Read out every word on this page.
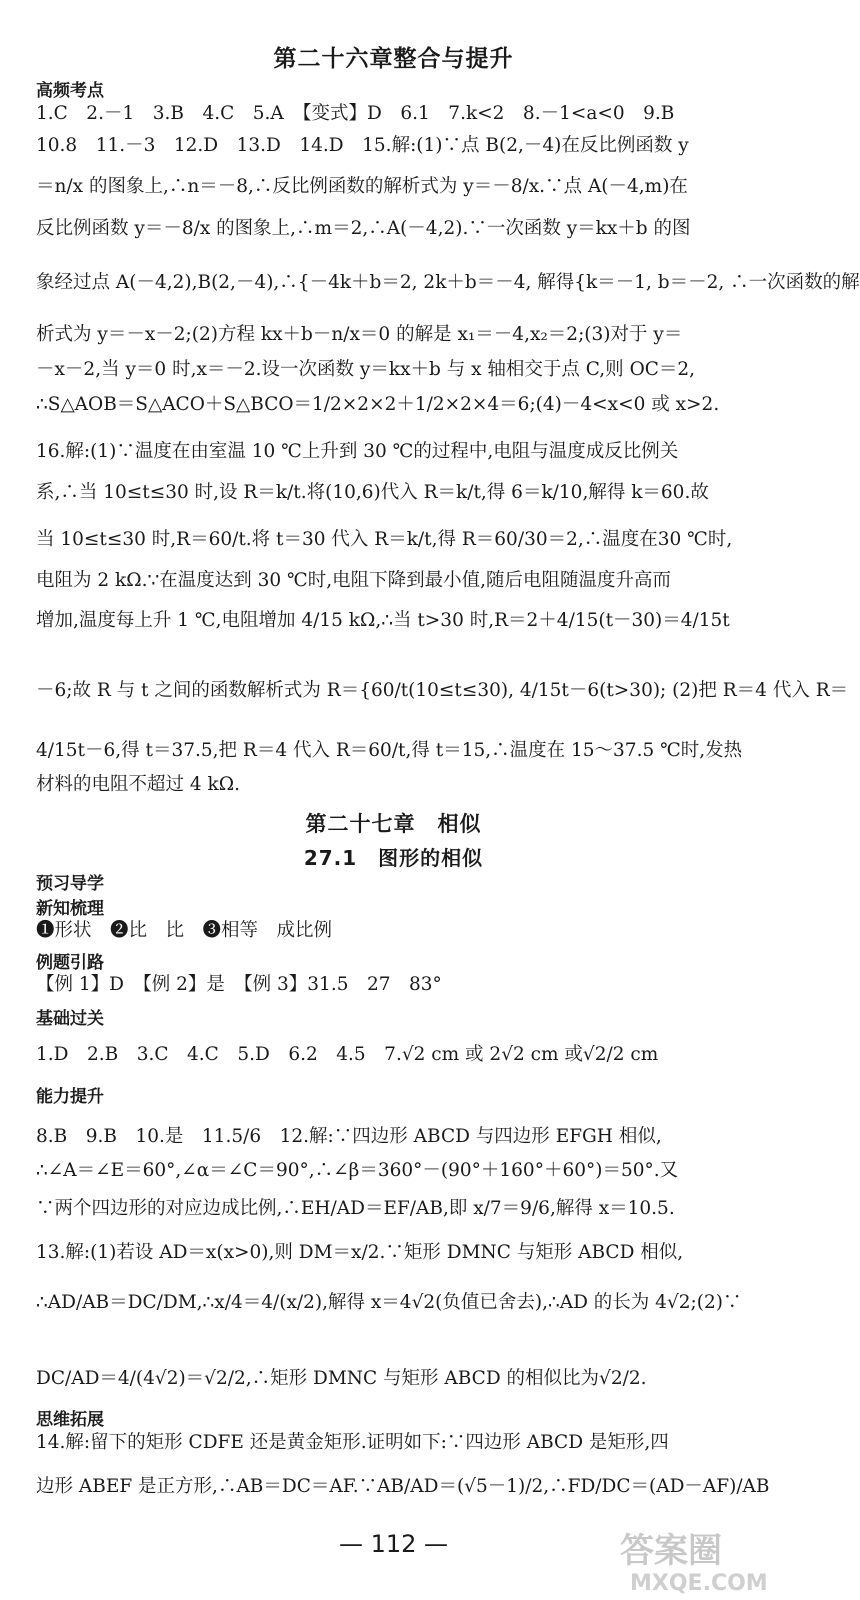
第二十六章整合与提升
高频考点
1.C　2.－1　3.B　4.C　5.A　【变式】D　6.1　7.k<2　8.－1<a<0　9.B
10.8　11.－3　12.D　13.D　14.D　15.解:(1)∵点 B(2,－4)在反比例函数 y
＝n/x 的图象上,∴n＝－8,∴反比例函数的解析式为 y＝－8/x.∵点 A(－4,m)在
反比例函数 y＝－8/x 的图象上,∴m＝2,∴A(－4,2).∵一次函数 y＝kx＋b 的图
象经过点 A(－4,2),B(2,－4),∴{－4k＋b＝2, 2k＋b＝－4, 解得{k＝－1, b＝－2, ∴一次函数的解
析式为 y＝－x－2;(2)方程 kx＋b－n/x＝0 的解是 x₁＝－4,x₂＝2;(3)对于 y＝
－x－2,当 y＝0 时,x＝－2.设一次函数 y＝kx＋b 与 x 轴相交于点 C,则 OC＝2,
∴S△AOB＝S△ACO＋S△BCO＝1/2×2×2＋1/2×2×4＝6;(4)－4<x<0 或 x>2.
16.解:(1)∵温度在由室温 10 ℃上升到 30 ℃的过程中,电阻与温度成反比例关
系,∴当 10≤t≤30 时,设 R＝k/t.将(10,6)代入 R＝k/t,得 6＝k/10,解得 k＝60.故
当 10≤t≤30 时,R＝60/t.将 t＝30 代入 R＝k/t,得 R＝60/30＝2,∴温度在30 ℃时,
电阻为 2 kΩ.∵在温度达到 30 ℃时,电阻下降到最小值,随后电阻随温度升高而
增加,温度每上升 1 ℃,电阻增加 4/15 kΩ,∴当 t>30 时,R＝2＋4/15(t－30)＝4/15t
－6;故 R 与 t 之间的函数解析式为 R＝{60/t(10≤t≤30), 4/15t－6(t>30); (2)把 R＝4 代入 R＝
4/15t－6,得 t＝37.5,把 R＝4 代入 R＝60/t,得 t＝15,∴温度在 15～37.5 ℃时,发热
材料的电阻不超过 4 kΩ.
第二十七章　相似
27.1　图形的相似
预习导学
新知梳理
❶形状　❷比　比　❸相等　成比例
例题引路
【例 1】D　【例 2】是　【例 3】31.5　27　83°
基础过关
1.D　2.B　3.C　4.C　5.D　6.2　4.5　7.√2 cm 或 2√2 cm 或√2/2 cm
能力提升
8.B　9.B　10.是　11.5/6　12.解:∵四边形 ABCD 与四边形 EFGH 相似,
∴∠A＝∠E＝60°,∠α＝∠C＝90°,∴∠β＝360°－(90°＋160°＋60°)＝50°.又
∵两个四边形的对应边成比例,∴EH/AD＝EF/AB,即 x/7＝9/6,解得 x＝10.5.
13.解:(1)若设 AD＝x(x>0),则 DM＝x/2.∵矩形 DMNC 与矩形 ABCD 相似,
∴AD/AB＝DC/DM,∴x/4＝4/(x/2),解得 x＝4√2(负值已舍去),∴AD 的长为 4√2;(2)∵
DC/AD＝4/(4√2)＝√2/2,∴矩形 DMNC 与矩形 ABCD 的相似比为√2/2.
思维拓展
14.解:留下的矩形 CDFE 还是黄金矩形.证明如下:∵四边形 ABCD 是矩形,四
边形 ABEF 是正方形,∴AB＝DC＝AF.∵AB/AD＝(√5－1)/2,∴FD/DC＝(AD－AF)/AB
— 112 —	答案圈
MXQE.COM
